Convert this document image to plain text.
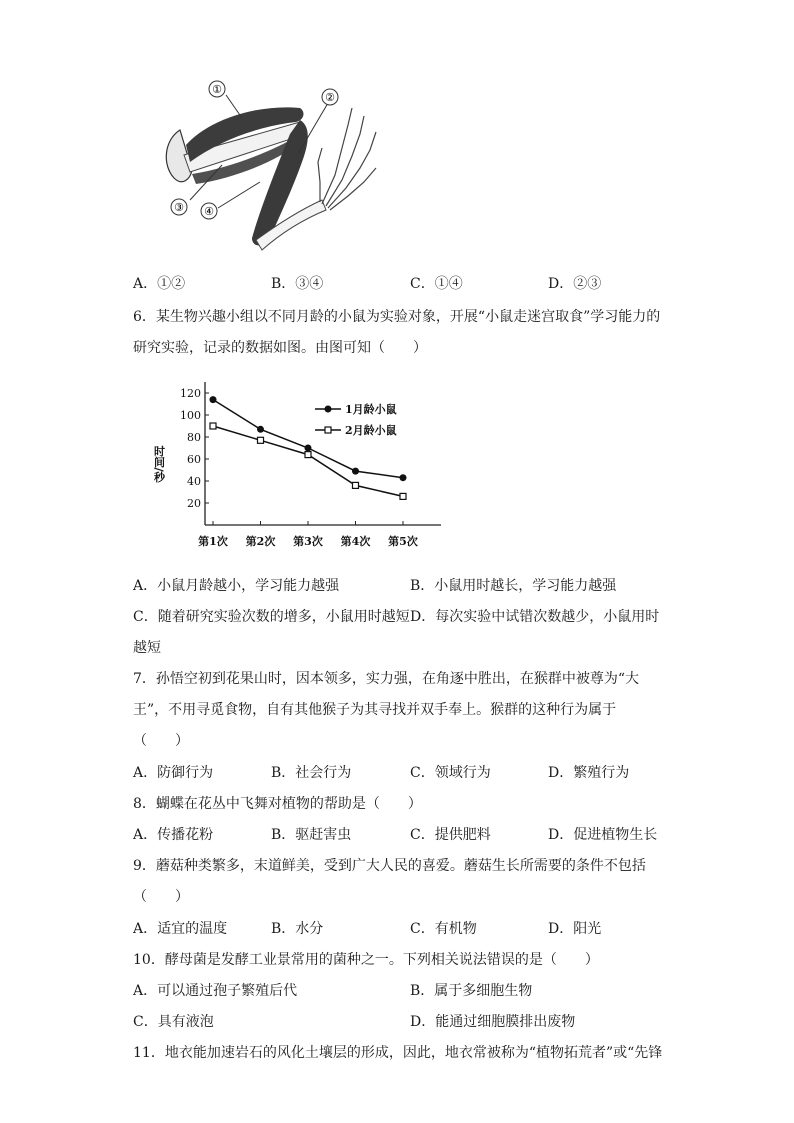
①
②
③ ④
A．①②	B．③④	C．①④	D．②③
6．某生物兴趣小组以不同月龄的小鼠为实验对象，开展“小鼠走迷宫取食”学习能力的
研究实验，记录的数据如图。由图可知（　　）
20
40
60
80
100
120
第1次 第2次 第3次 第4次 第5次
时间/秒
1月龄小鼠
2月龄小鼠
A．小鼠月龄越小，学习能力越强	B．小鼠用时越长，学习能力越强
C．随着研究实验次数的增多，小鼠用时越短 D．每次实验中试错次数越少，小鼠用时
越短
7．孙悟空初到花果山时，因本领多，实力强，在角逐中胜出，在猴群中被尊为“大
王”，不用寻觅食物，自有其他猴子为其寻找并双手奉上。猴群的这种行为属于
（　　）
A．防御行为	B．社会行为	C．领域行为	D．繁殖行为
8．蝴蝶在花丛中飞舞对植物的帮助是（　　）
A．传播花粉	B．驱赶害虫	C．提供肥料	D．促进植物生长
9．蘑菇种类繁多，末道鲜美，受到广大人民的喜爱。蘑菇生长所需要的条件不包括
（　　）
A．适宜的温度	B．水分	C．有机物	D．阳光
10．酵母菌是发酵工业景常用的菌种之一。下列相关说法错误的是（　　）
A．可以通过孢子繁殖后代	B．属于多细胞生物
C．具有液泡	D．能通过细胞膜排出废物
11．地衣能加速岩石的风化土壤层的形成，因此，地衣常被称为“植物拓荒者”或“先锋
